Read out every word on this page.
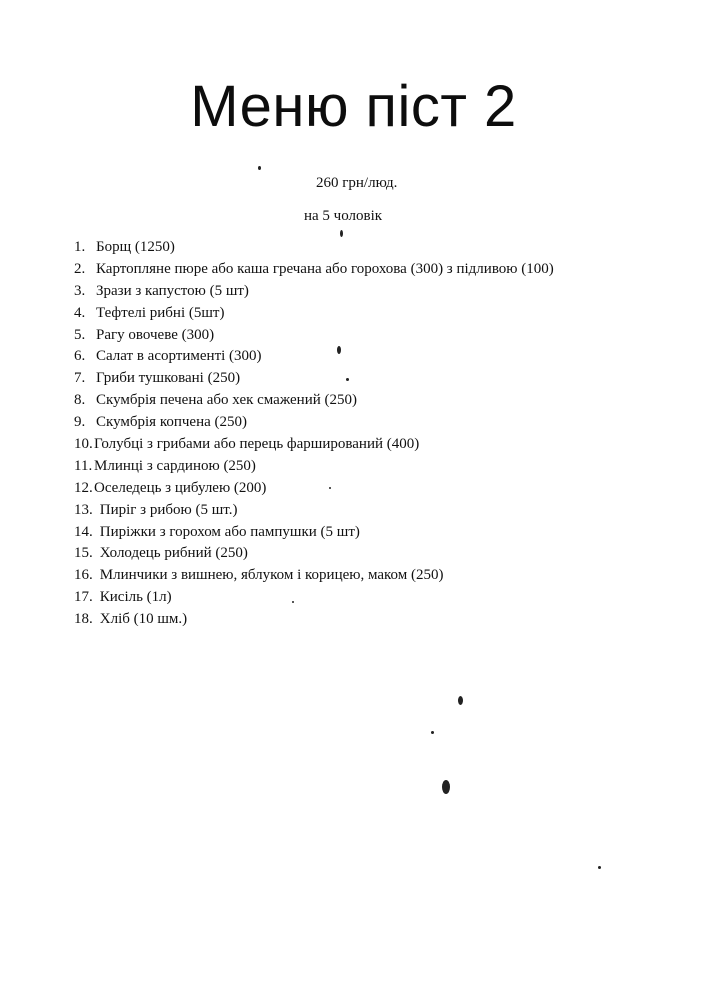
Меню піст 2
260 грн/люд.
на 5 чоловік
1. Борщ (1250)
2. Картопляне пюре або каша гречана або горохова (300) з підливою (100)
3. Зрази з капустою (5 шт)
4. Тефтелі рибні (5шт)
5. Рагу овочеве (300)
6. Салат в асортименті (300)
7. Гриби тушковані (250)
8. Скумбрія печена або хек смажений (250)
9. Скумбрія копчена (250)
10.Голубці з грибами або перець фарширований (400)
11. Млинці з сардиною (250)
12.Оселедець з цибулею (200)
13. Пиріг з рибою (5 шт.)
14. Пиріжки з горохом або пампушки (5 шт)
15. Холодець рибний (250)
16. Млинчики з вишнею, яблуком і корицею, маком (250)
17. Кисіль (1л)
18. Хліб (10 шм.)
